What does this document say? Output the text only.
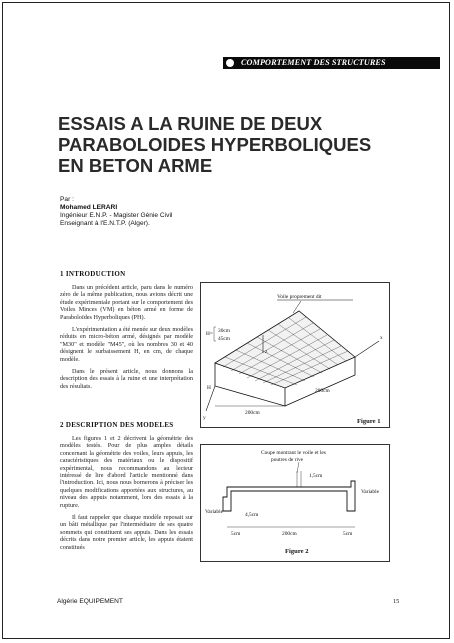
COMPORTEMENT DES STRUCTURES
ESSAIS A LA RUINE DE DEUX
PARABOLOIDES HYPERBOLIQUES
EN BETON ARME
Par :
Mohamed LERARI
Ingénieur E.N.P. - Magister Génie Civil
Enseignant à l'E.N.T.P. (Alger).
1 INTRODUCTION

Dans un précédent article, paru dans le numéro zéro de la même publication, nous avions décrit une étude expérimentale portant sur le comportement des Voiles Minces (VM) en béton armé en forme de Paraboloïdes Hyperboliques (PH).

L'expérimentation a été menée sur deux modèles réduits en micro-béton armé, désignés par modèle "M30" et modèle "M45", où les nombres 30 et 40 désignent le surbaissement H, en cm, de chaque modèle.

Dans le présent article, nous donnons la description des essais à la ruine et une interprétation des résultats.

2 DESCRIPTION DES MODELES

Les figures 1 et 2 décrivent la géométrie des modèles testés. Pour de plus amples détails concernant la géométrie des voiles, leurs appuis, les caractéristiques des matériaux ou le dispositif expérimental, nous recommandons au lecteur intéressé de lire d'abord l'article mentionné dans l'introduction. Ici, nous nous bornerons à préciser les quelques modifications apportées aux structures, au niveau des appuis notamment, lors des essais à la rupture.

Il faut rappeler que chaque modèle reposait sur un bâti métallique par l'intermédiaire de ses quatre sommets qui constituent ses appuis. Dans les essais décrits dans notre premier article, les appuis étaient constitués

Voile proprement dit
y
x
z
H= 30cm
45cm
H
200cm
200cm
Figure 1
Coupe montrant le voile et les
poutres de rive
1,5cm
Variable
Variable
4,5cm
5cm	200cm	5cm
Figure 2
Algérie EQUIPEMENT	15
